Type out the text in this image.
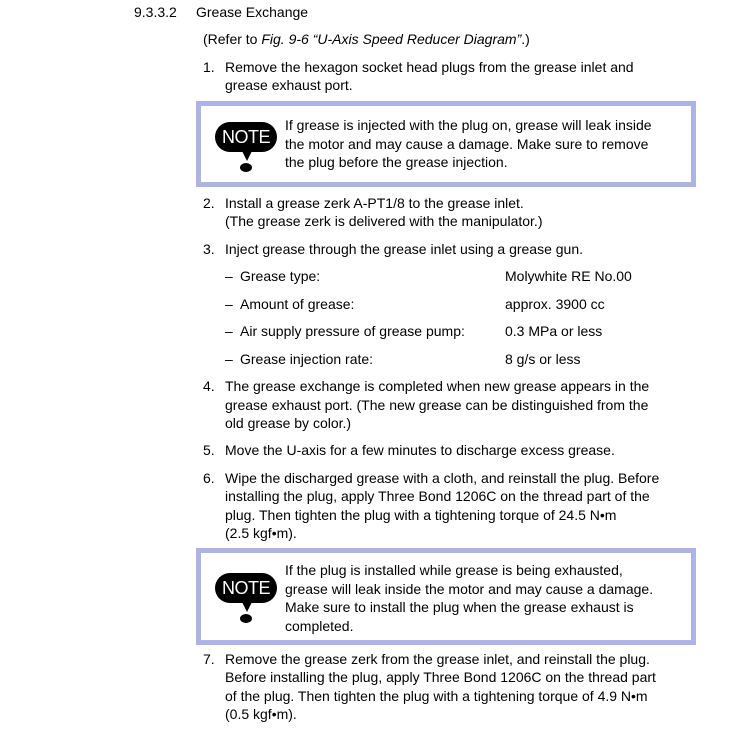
9.3.3.2 Grease Exchange
(Refer to Fig. 9-6 “U-Axis Speed Reducer Diagram”.)
1. Remove the hexagon socket head plugs from the grease inlet and
grease exhaust port.
NOTE
If grease is injected with the plug on, grease will leak inside
the motor and may cause a damage. Make sure to remove
the plug before the grease injection.
2. Install a grease zerk A-PT1/8 to the grease inlet.
(The grease zerk is delivered with the manipulator.)
3. Inject grease through the grease inlet using a grease gun.
– Grease type:	Molywhite RE No.00
– Amount of grease:	approx. 3900 cc
– Air supply pressure of grease pump:	0.3 MPa or less
– Grease injection rate:	8 g/s or less
4. The grease exchange is completed when new grease appears in the
grease exhaust port. (The new grease can be distinguished from the
old grease by color.)
5. Move the U-axis for a few minutes to discharge excess grease.
6. Wipe the discharged grease with a cloth, and reinstall the plug. Before
installing the plug, apply Three Bond 1206C on the thread part of the
plug. Then tighten the plug with a tightening torque of 24.5 N•m
(2.5 kgf•m).
NOTE
If the plug is installed while grease is being exhausted,
grease will leak inside the motor and may cause a damage.
Make sure to install the plug when the grease exhaust is
completed.
7. Remove the grease zerk from the grease inlet, and reinstall the plug.
Before installing the plug, apply Three Bond 1206C on the thread part
of the plug. Then tighten the plug with a tightening torque of 4.9 N•m
(0.5 kgf•m).
